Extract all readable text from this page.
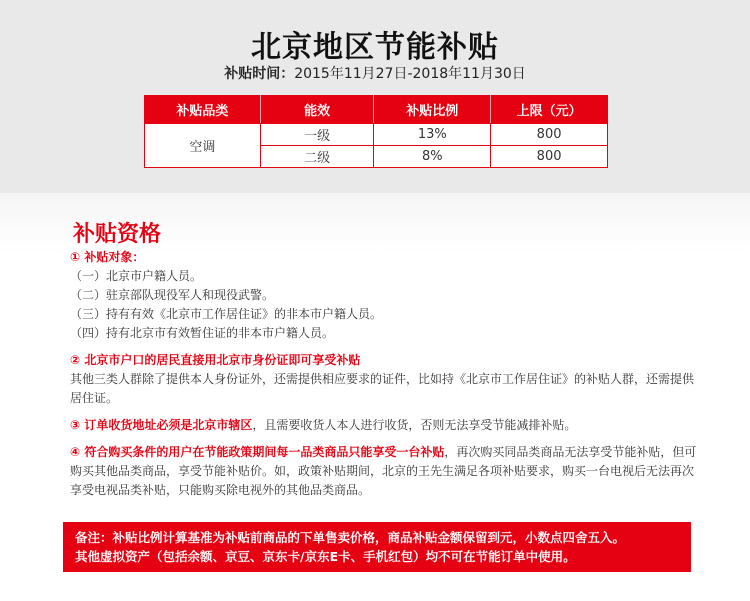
北京地区节能补贴
补贴时间：2015年11月27日-2018年11月30日
补贴品类	能效	补贴比例	上限（元）
空调	一级	13%	800
	二级	8%	800
补贴资格
① 补贴对象：
（一）北京市户籍人员。
（二）驻京部队现役军人和现役武警。
（三）持有有效《北京市工作居住证》的非本市户籍人员。
（四）持有北京市有效暂住证的非本市户籍人员。
② 北京市户口的居民直接用北京市身份证即可享受补贴
其他三类人群除了提供本人身份证外，还需提供相应要求的证件，比如持《北京市工作居住证》的补贴人群，还需提供居住证。
③ 订单收货地址必须是北京市辖区，且需要收货人本人进行收货，否则无法享受节能减排补贴。
④ 符合购买条件的用户在节能政策期间每一品类商品只能享受一台补贴，再次购买同品类商品无法享受节能补贴，但可购买其他品类商品，享受节能补贴价。如，政策补贴期间，北京的王先生满足各项补贴要求，购买一台电视后无法再次享受电视品类补贴，只能购买除电视外的其他品类商品。
备注：补贴比例计算基准为补贴前商品的下单售卖价格，商品补贴金额保留到元，小数点四舍五入。
其他虚拟资产（包括余额、京豆、京东卡/京东E卡、手机红包）均不可在节能订单中使用。
